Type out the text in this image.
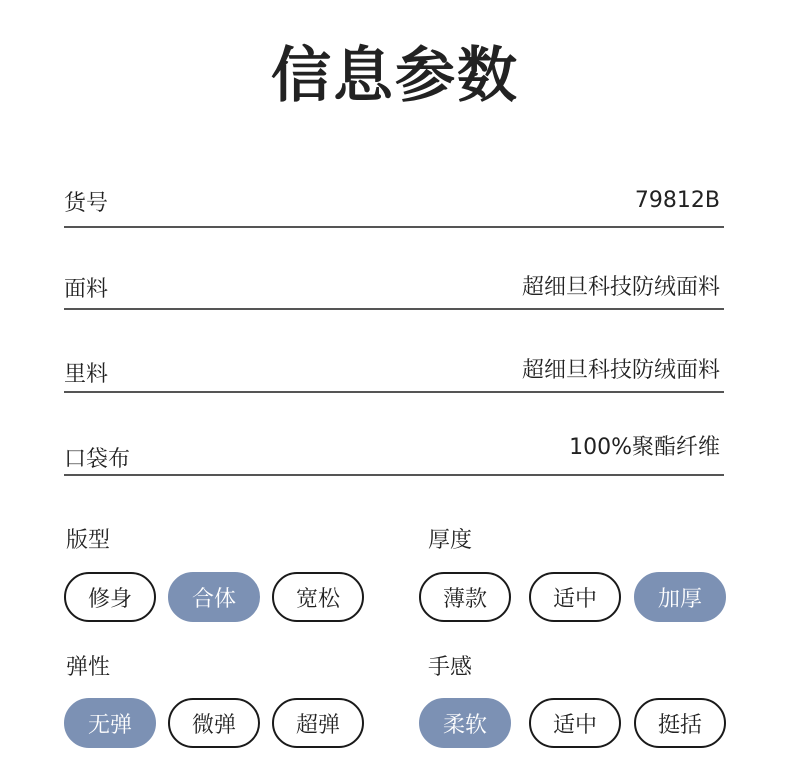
信息参数
货号	79812B
面料	超细旦科技防绒面料
里料	超细旦科技防绒面料
口袋布	100%聚酯纤维
版型
修身	合体	宽松
厚度
薄款	适中	加厚
弹性
无弹	微弹	超弹
手感
柔软	适中	挺括
